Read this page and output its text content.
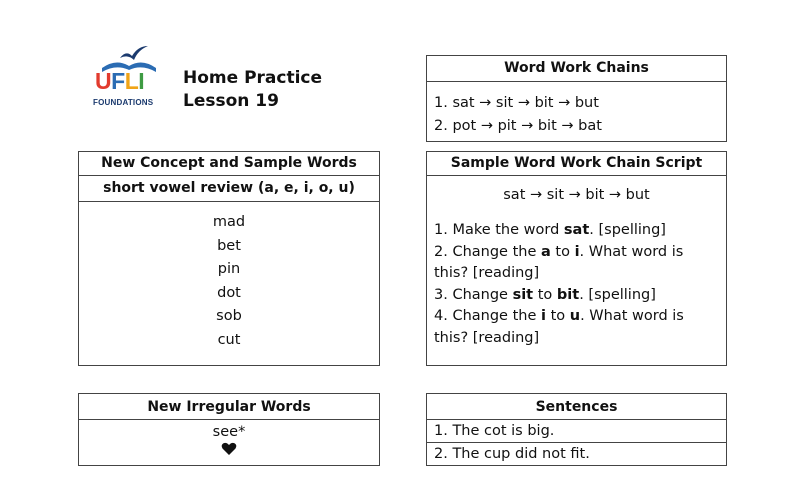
UFLI
FOUNDATIONS
Home Practice
Lesson 19
New Concept and Sample Words
short vowel review (a, e, i, o, u)
mad
bet
pin
dot
sob
cut
New Irregular Words
see*
Word Work Chains
1. sat → sit → bit → but
2. pot → pit → bit → bat
Sample Word Work Chain Script
sat → sit → bit → but
1. Make the word sat. [spelling]
2. Change the a to i. What word is this? [reading]
3. Change sit to bit. [spelling]
4. Change the i to u. What word is this? [reading]
Sentences
1. The cot is big.
2. The cup did not fit.
